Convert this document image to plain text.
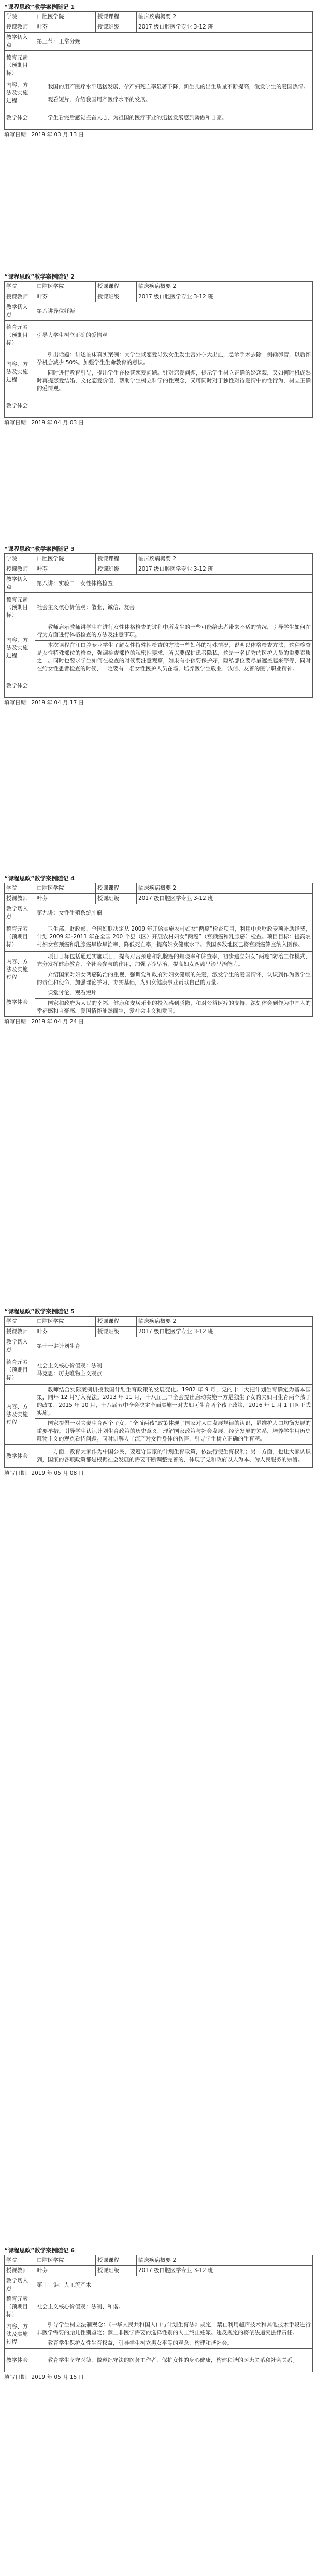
“课程思政”教学案例随记 1
学院	口腔医学院	授课课程	临床疾病概要 2
授课教师	叶芬	授课班级	2017 级口腔医学专业 3-12 班
教学切入点	第三节：正常分娩		
德育元素（预期目标）			
内容、方法及实施过程	我国的用产医疗水平迅猛发展，孕产妇死亡率显著下降，新生儿的出生质量不断提高，激发学生的爱国热情。		
	观看短片，介绍我国用产医疗水平的发展。		
教学体会	学生看完后感觉振奋人心，为祖国的医疗事业的迅猛发展感到骄傲和自豪。		
填写日期：2019 年 03 月 13 日
“课程思政”教学案例随记 2
学院	口腔医学院	授课课程	临床疾病概要 2
授课教师	叶芬	授课班级	2017 级口腔医学专业 3-12 班
教学切入点	第八讲异位妊娠		
德育元素（预期目标）	引导大学生树立正确的爱情观		
内容、方法及实施过程	引出话题：讲述临床真实案例：大学生谈恋爱导致女生发生宫外孕大出血，急诊手术去除一侧输卵管，以后怀孕机会减少 50%。加强学生生命教育的意识。		
	同时进行教育引导，提出学生在校谈恋爱问题。针对恋爱问题，提示学生树立正确的婚恋观，又如何时机成熟时再提恋爱结婚，文化恋爱价值，帮助学生树立科学的性观念，又可同时对于独性对待爱情中的性行为，树立正确的爱情观。		
教学体会			
填写日期：2019 年 04 月 03 日
“课程思政”教学案例随记 3
学院	口腔医学院	授课课程	临床疾病概要 2
授课教师	叶芬	授课班级	2017 级口腔医学专业 3-12 班
教学切入点	第八讲：实验二　女性体格检查		
德育元素（预期目标）	社会主义核心价值观：敬业、诚信、友善		
内容、方法及实施过程	教师启示教师讲学生在进行女性体格检查的过程中所发生的一些可能给患者带来不适的情况，引导学生如何在行为方面进行体格检查的方法及注意事项。		
	本次课程在江口腔专业学生了解女性特殊性检查的方法一些妇科的特殊情况，说明以体格检查方法，这种检查是女性特殊部位的检查，强调检查部位的私密性要求，所以要保护患者隐私，这是一名优秀的医护人员的重要素质之一。同时也要求学生如何在检查的时候要注意观察，如果有小孩要保护好，隐私部位要尽量遮盖起来等等，同时在给女性患者检查的时候，一定要有一名女性医护人员在场，培养医学生敬业、诚信、友善的医学职业精神。		
教学体会			
填写日期：2019 年 04 月 17 日
“课程思政”教学案例随记 4
学院	口腔医学院	授课课程	临床疾病概要 2
授课教师	叶芬	授课班级	2017 级口腔医学专业 3-12 班
教学切入点	第九讲：女性生殖系统肿瘤		
德育元素（预期目标）	卫生部、财政部、全国妇联决定从 2009 年开始实施农村妇女“两癌”检查项目，利用中央财政专项补助经费，计划 2009 年–2011 年在全国 200 个县（区）开展农村妇女“两癌”（宫颈癌和乳腺癌）检查。项目目标：提高农村妇女宫颈癌和乳腺癌早诊早治率，降低死亡率，提高妇女健康水平。我国多数地区已将宫颈癌筛查纳入医保。		
内容、方法及实施过程	项目目标包括通过实施项目，提高对宫颈癌和乳腺癌的知晓率和筛查率，初步建立妇女“两癌”防治工作模式，充分发挥健康教育、全社会参与的作用，加强早诊早治，提高妇女两癌早诊早治能力。		
	介绍国家对妇女两癌防治的重视，强调党和政府对妇女健康的关爱，激发学生的爱国情怀，认识到作为医学生的责任和使命，加强理论学习，夯实基础，为妇女健康事业贡献自己的力量。		
教学体会	课堂讨论，观看短片		
	国家和政府为人民的幸福、健康和安居乐业的投入感到骄傲，和对公益医疗的支持，深刻体会到作为中国人的幸福感和自豪感，爱国情怀油然而生，爱社会主义和爱国。		
填写日期：2019 年 04 月 24 日
“课程思政”教学案例随记 5
学院	口腔医学院	授课课程	临床疾病概要 2
授课教师	叶芬	授课班级	2017 级口腔医学专业 3-12 班
教学切入点	第十一讲计划生育		
德育元素（预期目标）	社会主义核心价值观：法制
马克思：历史唯物主义观点		
内容、方法及实施过程	教师结合实际案例讲授我国计划生育政策的发展变化。1982 年 9 月，党的十二大把计划生育确定为基本国策，同年 12 月写入宪法。2013 年 11 月，十八届三中全会提出启动实施一方是独生子女的夫妇可生育两个孩子的政策，2015 年 10 月，十八届五中全会决定全面实施一对夫妇可生育两个孩子政策，2016 年 1 月 1 日起正式实施。		
	国家提倡一对夫妻生育两个子女，“全面两孩”政策体现了国家对人口发展规律的认识，是维护人口均衡发展的重要举措。引导学生认识计划生育政策的历史意义，理解国家政策与社会发展、经济发展的关系，培养学生用历史唯物主义的观点看待问题。同时讲解人工流产对女性身体的伤害，引导学生树立正确的生育观。		
教学体会	一方面，教育大家作为中国公民，要遵守国家的计划生育政策，依法行使生育权利；另一方面，也让大家认识到，国家的各项政策都是根据社会发展的需要不断调整完善的，体现了党和政府以人为本、为人民服务的宗旨。		
填写日期：2019 年 05 月 08 日
“课程思政”教学案例随记 6
学院	口腔医学院	授课课程	临床疾病概要 2
授课教师	叶芬	授课班级	2017 级口腔医学专业 3-12 班
教学切入点	第十一讲：人工流产术		
德育元素（预期目标）	社会主义核心价值观：法制、和谐。		
内容、方法及实施过程	引导学生树立法制观念：《中华人民共和国人口与计划生育法》规定，禁止利用超声技术和其他技术手段进行非医学需要的胎儿性别鉴定；禁止非医学需要的选择性别的人工终止妊娠。违反规定的将依法追究法律责任。		
	教育学生保护女性生育权益，引导学生树立男女平等的观念，构建和谐社会。		
教学体会	教育学生坚守医德，做遵纪守法的医务工作者，保护女性的身心健康，构建和谐的医患关系和社会关系。		
填写日期：2019 年 05 月 15 日
